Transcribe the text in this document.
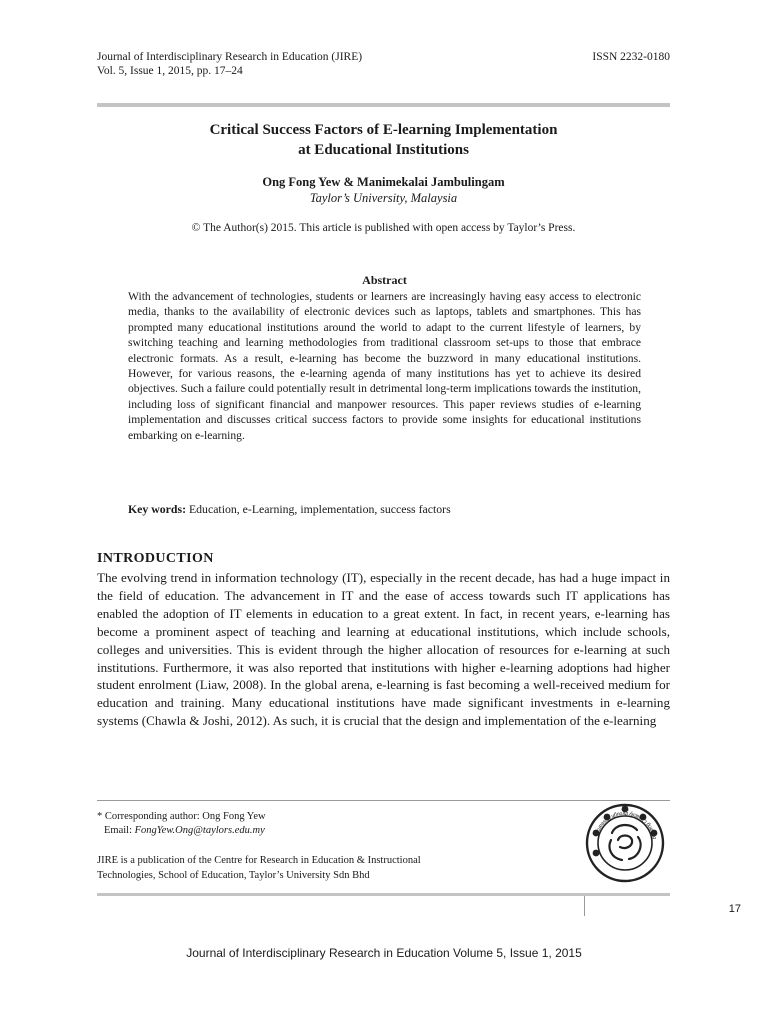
Journal of Interdisciplinary Research in Education (JIRE)
Vol. 5, Issue 1, 2015, pp. 17–24
ISSN 2232-0180
Critical Success Factors of E-learning Implementation
at Educational Institutions
Ong Fong Yew & Manimekalai Jambulingam
Taylor’s University, Malaysia
© The Author(s) 2015. This article is published with open access by Taylor’s Press.
Abstract

With the advancement of technologies, students or learners are increasingly having easy access to electronic media, thanks to the availability of electronic devices such as laptops, tablets and smartphones. This has prompted many educational institutions around the world to adapt to the current lifestyle of learners, by switching teaching and learning methodologies from traditional classroom set-ups to those that embrace electronic formats. As a result, e-learning has become the buzzword in many educational institutions. However, for various reasons, the e-learning agenda of many institutions has yet to achieve its desired objectives. Such a failure could potentially result in detrimental long-term implications towards the institution, including loss of significant financial and manpower resources. This paper reviews studies of e-learning implementation and discusses critical success factors to provide some insights for educational institutions embarking on e-learning.

Key words: Education, e-Learning, implementation, success factors
INTRODUCTION

The evolving trend in information technology (IT), especially in the recent decade, has had a huge impact in the field of education. The advancement in IT and the ease of access towards such IT applications has enabled the adoption of IT elements in education to a great extent. In fact, in recent years, e-learning has become a prominent aspect of teaching and learning at educational institutions, which include schools, colleges and universities. This is evident through the higher allocation of resources for e-learning at such institutions. Furthermore, it was also reported that institutions with higher e-learning adoptions had higher student enrolment (Liaw, 2008). In the global arena, e-learning is fast becoming a well-received medium for education and training. Many educational institutions have made significant investments in e-learning systems (Chawla & Joshi, 2012). As such, it is crucial that the design and implementation of the e-learning

* Corresponding author: Ong Fong Yew
Email: FongYew.Ong@taylors.edu.my
JIRE is a publication of the Centre for Research in Education & Instructional
Technologies, School of Education, Taylor’s University Sdn Bhd
Building Capacity through Research
17
Journal of Interdisciplinary Research in Education Volume 5, Issue 1, 2015
